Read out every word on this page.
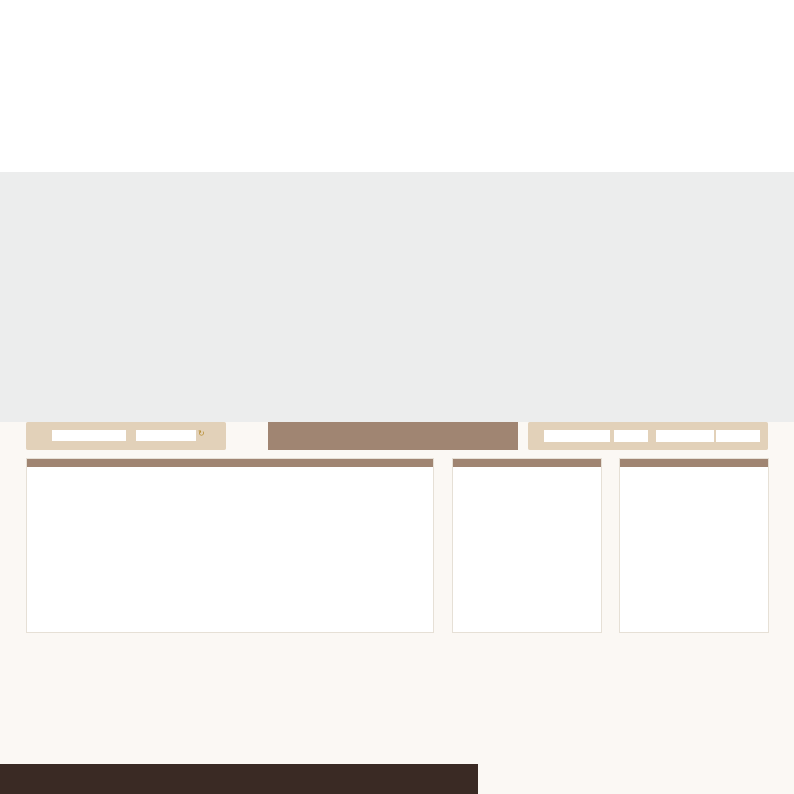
↻
